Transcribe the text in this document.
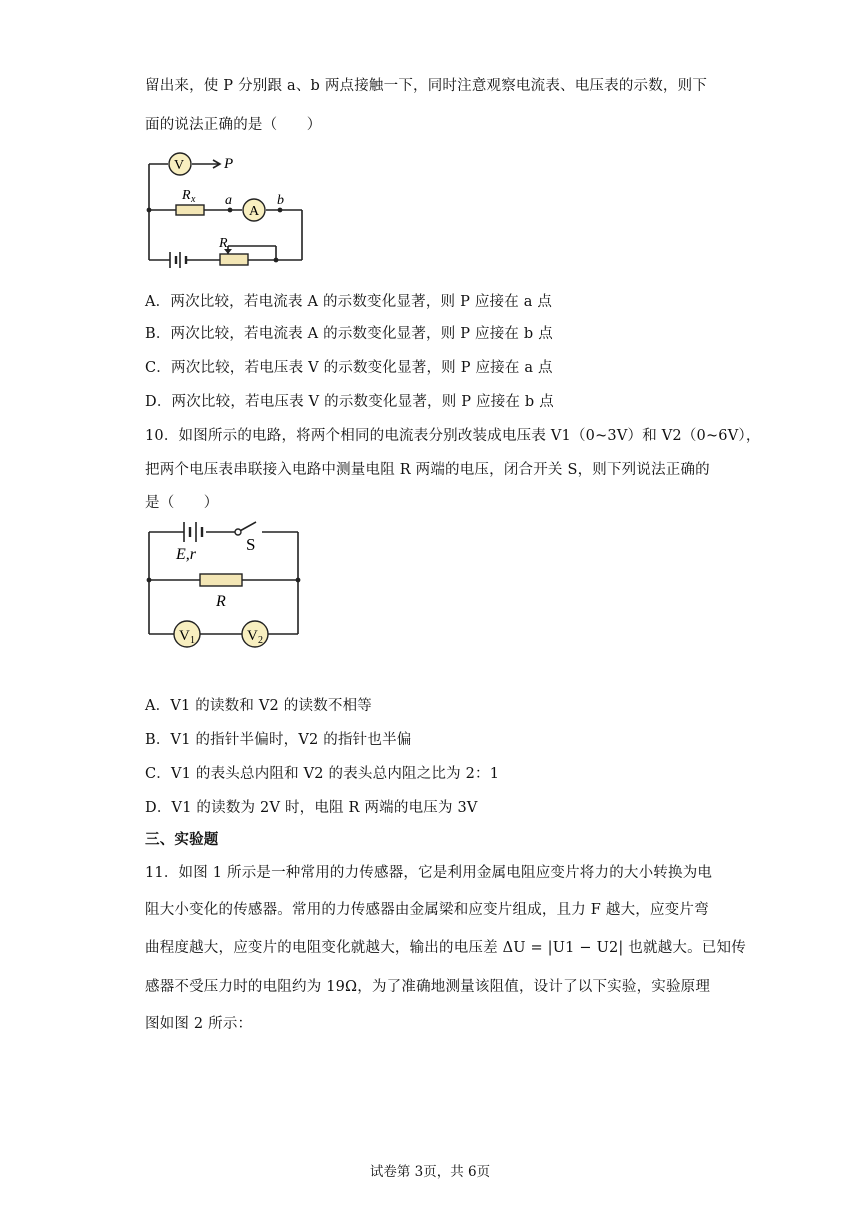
留出来，使 P 分别跟 a、b 两点接触一下，同时注意观察电流表、电压表的示数，则下
面的说法正确的是（　　）
V
A
P
R x a	b
R
A．两次比较，若电流表 A 的示数变化显著，则 P 应接在 a 点
B．两次比较，若电流表 A 的示数变化显著，则 P 应接在 b 点
C．两次比较，若电压表 V 的示数变化显著，则 P 应接在 a 点
D．两次比较，若电压表 V 的示数变化显著，则 P 应接在 b 点
10．如图所示的电路，将两个相同的电流表分别改装成电压表 V1（0~3V）和 V2（0~6V），
把两个电压表串联接入电路中测量电阻 R 两端的电压，闭合开关 S，则下列说法正确的
是（　　）
E,r
S
R
V 1	V 2
A．V1 的读数和 V2 的读数不相等
B．V1 的指针半偏时，V2 的指针也半偏
C．V1 的表头总内阻和 V2 的表头总内阻之比为 2：1
D．V1 的读数为 2V 时，电阻 R 两端的电压为 3V
三、实验题
11．如图 1 所示是一种常用的力传感器，它是利用金属电阻应变片将力的大小转换为电
阻大小变化的传感器。常用的力传感器由金属梁和应变片组成，且力 F 越大，应变片弯
曲程度越大，应变片的电阻变化就越大，输出的电压差 ΔU = |U1 − U2| 也就越大。已知传
感器不受压力时的电阻约为 19Ω，为了准确地测量该阻值，设计了以下实验，实验原理
图如图 2 所示：
试卷第 3页，共 6页
